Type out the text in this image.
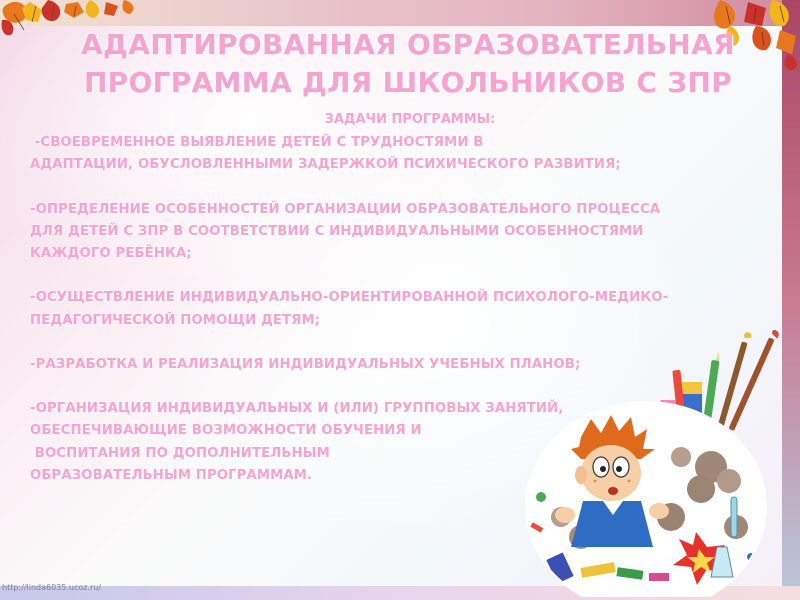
АДАПТИРОВАННАЯ ОБРАЗОВАТЕЛЬНАЯ
ПРОГРАММА ДЛЯ ШКОЛЬНИКОВ С ЗПР
ЗАДАЧИ ПРОГРАММЫ:
-СВОЕВРЕМЕННОЕ ВЫЯВЛЕНИЕ ДЕТЕЙ С ТРУДНОСТЯМИ В
АДАПТАЦИИ, ОБУСЛОВЛЕННЫМИ ЗАДЕРЖКОЙ ПСИХИЧЕСКОГО РАЗВИТИЯ;
-ОПРЕДЕЛЕНИЕ ОСОБЕННОСТЕЙ ОРГАНИЗАЦИИ ОБРАЗОВАТЕЛЬНОГО ПРОЦЕССА
ДЛЯ ДЕТЕЙ С ЗПР В СООТВЕТСТВИИ С ИНДИВИДУАЛЬНЫМИ ОСОБЕННОСТЯМИ
КАЖДОГО РЕБЁНКА;
-ОСУЩЕСТВЛЕНИЕ ИНДИВИДУАЛЬНО-ОРИЕНТИРОВАННОЙ ПСИХОЛОГО-МЕДИКО-
ПЕДАГОГИЧЕСКОЙ ПОМОЩИ ДЕТЯМ;
-РАЗРАБОТКА И РЕАЛИЗАЦИЯ ИНДИВИДУАЛЬНЫХ УЧЕБНЫХ ПЛАНОВ;
-ОРГАНИЗАЦИЯ ИНДИВИДУАЛЬНЫХ И (ИЛИ) ГРУППОВЫХ ЗАНЯТИЙ,
ОБЕСПЕЧИВАЮЩИЕ ВОЗМОЖНОСТИ ОБУЧЕНИЯ И
ВОСПИТАНИЯ ПО ДОПОЛНИТЕЛЬНЫМ
ОБРАЗОВАТЕЛЬНЫМ ПРОГРАММАМ.
http://linda6035.ucoz.ru/
